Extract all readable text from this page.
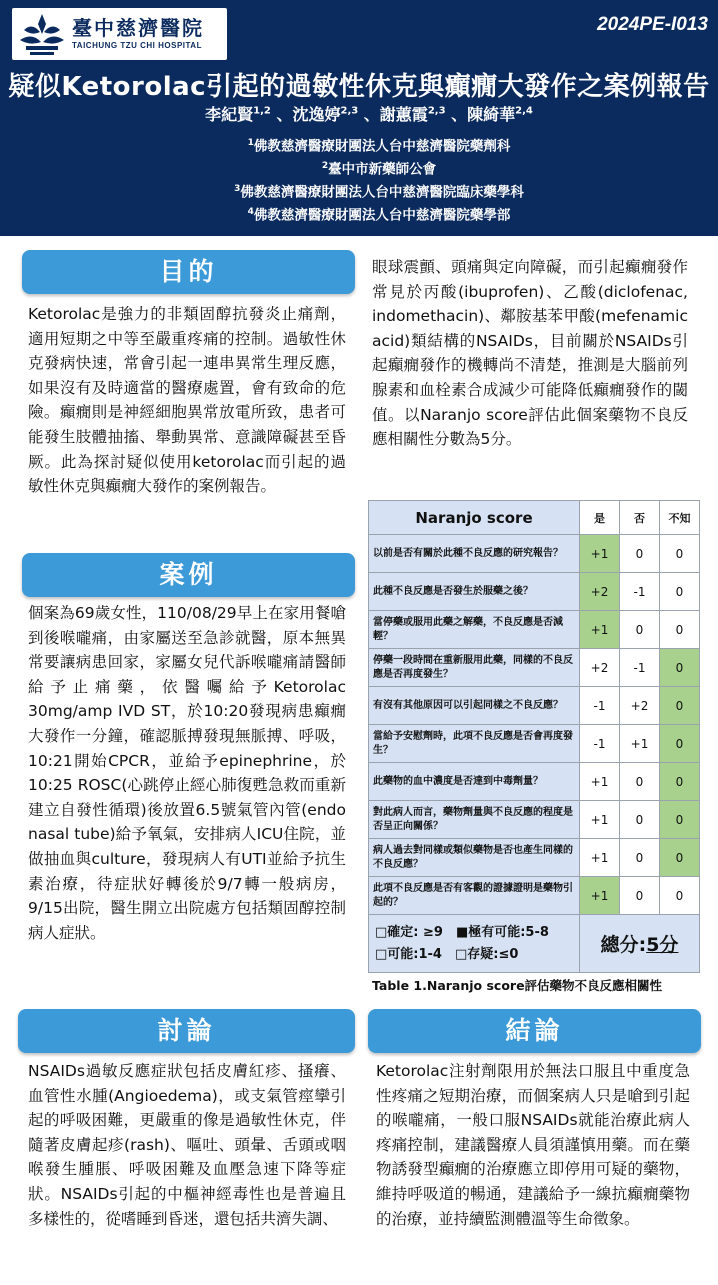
臺中慈濟醫院
TAICHUNG TZU CHI HOSPITAL
2024PE-I013
疑似Ketorolac引起的過敏性休克與癲癇大發作之案例報告
李紀賢$^{1,2}$ 、沈逸婷$^{2,3}$ 、謝蕙霞$^{2,3}$ 、陳綺華$^{2,4}$
$^1$佛教慈濟醫療財團法人台中慈濟醫院藥劑科
$^2$臺中市新藥師公會
$^3$佛教慈濟醫療財團法人台中慈濟醫院臨床藥學科
$^4$佛教慈濟醫療財團法人台中慈濟醫院藥學部
目的
Ketorolac是強力的非類固醇抗發炎止痛劑，適用短期之中等至嚴重疼痛的控制。過敏性休克發病快速，常會引起一連串異常生理反應，如果沒有及時適當的醫療處置，會有致命的危險。癲癇則是神經細胞異常放電所致，患者可能發生肢體抽搐、舉動異常、意識障礙甚至昏厥。此為探討疑似使用ketorolac而引起的過敏性休克與癲癇大發作的案例報告。
案例
個案為69歲女性，110/08/29早上在家用餐嗆到後喉嚨痛，由家屬送至急診就醫，原本無異常要讓病患回家，家屬女兒代訴喉嚨痛請醫師給予止痛藥，依醫囑給予Ketorolac 30mg/amp IVD ST，於10:20發現病患癲癇大發作一分鐘，確認脈搏發現無脈搏、呼吸，10:21開始CPCR，並給予epinephrine，於10:25 ROSC(心跳停止經心肺復甦急救而重新建立自發性循環)後放置6.5號氣管內管(endo nasal tube)給予氧氣，安排病人ICU住院，並做抽血與culture，發現病人有UTI並給予抗生素治療，待症狀好轉後於9/7轉一般病房，9/15出院，醫生開立出院處方包括類固醇控制病人症狀。
討論
NSAIDs過敏反應症狀包括皮膚紅疹、搔癢、血管性水腫(Angioedema)，或支氣管痙攣引起的呼吸困難，更嚴重的像是過敏性休克，伴隨著皮膚起疹(rash)、嘔吐、頭暈、舌頭或咽喉發生腫脹、呼吸困難及血壓急速下降等症狀。NSAIDs引起的中樞神經毒性也是普遍且多樣性的，從嗜睡到昏迷，還包括共濟失調、
眼球震顫、頭痛與定向障礙，而引起癲癇發作常見於丙酸(ibuprofen)、乙酸(diclofenac, indomethacin)、鄰胺基苯甲酸(mefenamic acid)類結構的NSAIDs，目前關於NSAIDs引起癲癇發作的機轉尚不清楚，推測是大腦前列腺素和血栓素合成減少可能降低癲癇發作的閾值。以Naranjo score評估此個案藥物不良反應相關性分數為5分。
Naranjo score	是	否	不知
以前是否有關於此種不良反應的研究報告？	+1	0	0
此種不良反應是否發生於服藥之後？	+2	-1	0
當停藥或服用此藥之解藥，不良反應是否減輕？	+1	0	0
停藥一段時間在重新服用此藥，同樣的不良反應是否再度發生？	+2	-1	0
有沒有其他原因可以引起同樣之不良反應？	-1	+2	0
當給予安慰劑時，此項不良反應是否會再度發生？	-1	+1	0
此藥物的血中濃度是否達到中毒劑量？	+1	0	0
對此病人而言，藥物劑量與不良反應的程度是否呈正向關係？	+1	0	0
病人過去對同樣或類似藥物是否也產生同樣的不良反應？	+1	0	0
此項不良反應是否有客觀的證據證明是藥物引起的？	+1	0	0

□確定: ≥9　■極有可能:5-8
□可能:1-4　□存疑:≤0	總分:5分		
Table 1.Naranjo score評估藥物不良反應相關性
結論
Ketorolac注射劑限用於無法口服且中重度急性疼痛之短期治療，而個案病人只是嗆到引起的喉嚨痛，一般口服NSAIDs就能治療此病人疼痛控制，建議醫療人員須謹慎用藥。而在藥物誘發型癲癇的治療應立即停用可疑的藥物，維持呼吸道的暢通，建議給予一線抗癲癇藥物的治療，並持續監測體溫等生命徵象。
